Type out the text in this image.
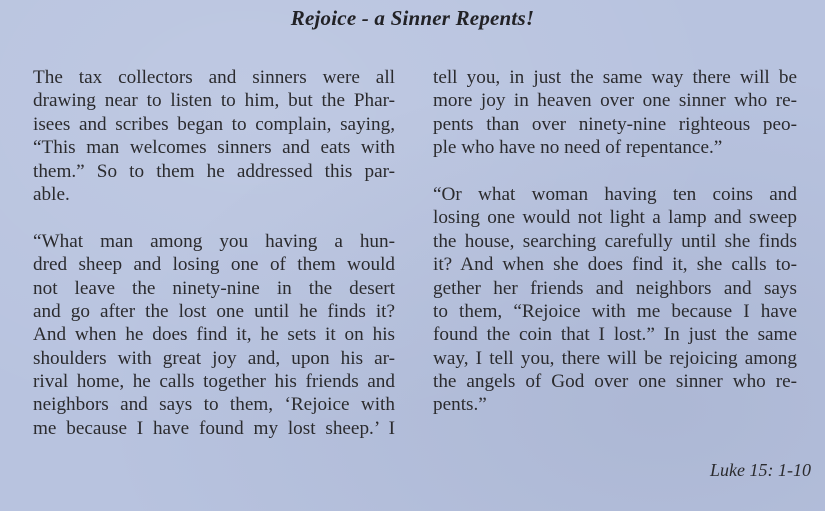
Rejoice - a Sinner Repents!
The tax collectors and sinners were all
drawing near to listen to him, but the Phar-
isees and scribes began to complain, saying,
“This man welcomes sinners and eats with
them.” So to them he addressed this par-
able.
“What man among you having a hun-
dred sheep and losing one of them would
not leave the ninety-nine in the desert
and go after the lost one until he finds it?
And when he does find it, he sets it on his
shoulders with great joy and, upon his ar-
rival home, he calls together his friends and
neighbors and says to them, ‘Rejoice with
me because I have found my lost sheep.’ I
tell you, in just the same way there will be
more joy in heaven over one sinner who re-
pents than over ninety-nine righteous peo-
ple who have no need of repentance.”
“Or what woman having ten coins and
losing one would not light a lamp and sweep
the house, searching carefully until she finds
it? And when she does find it, she calls to-
gether her friends and neighbors and says
to them, “Rejoice with me because I have
found the coin that I lost.” In just the same
way, I tell you, there will be rejoicing among
the angels of God over one sinner who re-
pents.”
Luke 15: 1-10
